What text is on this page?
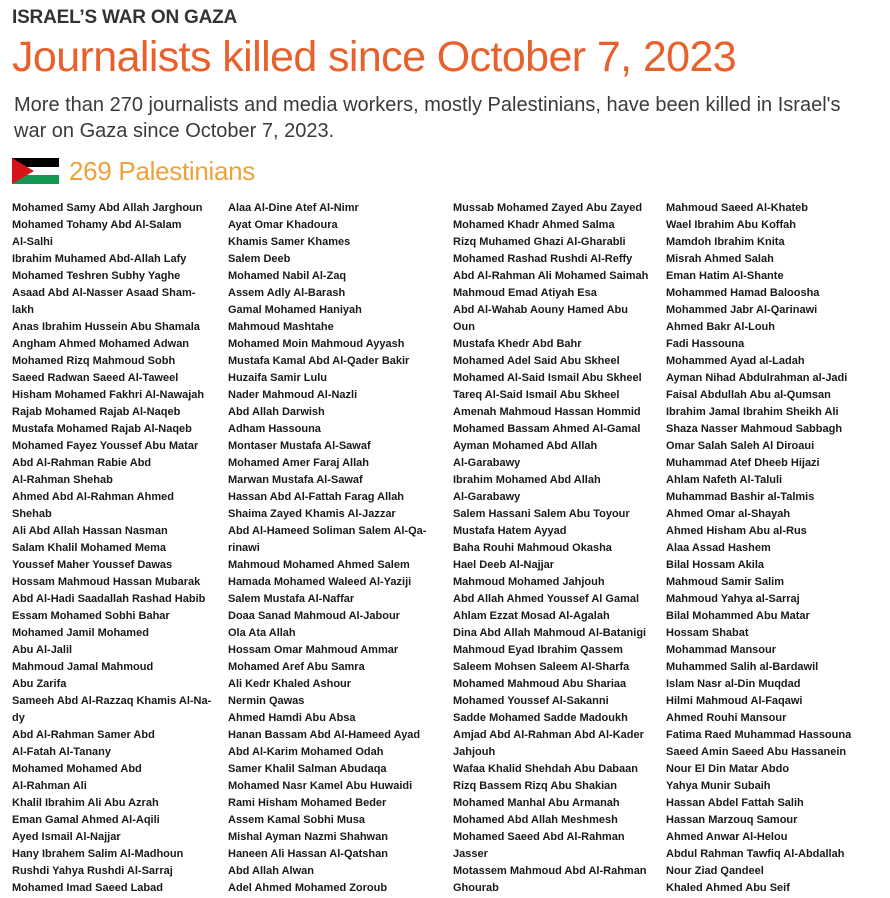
ISRAEL’S WAR ON GAZA
Journalists killed since October 7, 2023
More than 270 journalists and media workers, mostly Palestinians, have been killed in Israel's war on Gaza since October 7, 2023.
269 Palestinians
Mohamed Samy Abd Allah Jarghoun
Mohamed Tohamy Abd Al-Salam
Al-Salhi
Ibrahim Muhamed Abd-Allah Lafy
Mohamed Teshren Subhy Yaghe
Asaad Abd Al-Nasser Asaad Sham-
lakh
Anas Ibrahim Hussein Abu Shamala
Angham Ahmed Mohamed Adwan
Mohamed Rizq Mahmoud Sobh
Saeed Radwan Saeed Al-Taweel
Hisham Mohamed Fakhri Al-Nawajah
Rajab Mohamed Rajab Al-Naqeb
Mustafa Mohamed Rajab Al-Naqeb
Mohamed Fayez Youssef Abu Matar
Abd Al-Rahman Rabie Abd
Al-Rahman Shehab
Ahmed Abd Al-Rahman Ahmed
Shehab
Ali Abd Allah Hassan Nasman
Salam Khalil Mohamed Mema
Youssef Maher Youssef Dawas
Hossam Mahmoud Hassan Mubarak
Abd Al-Hadi Saadallah Rashad Habib
Essam Mohamed Sobhi Bahar
Mohamed Jamil Mohamed
Abu Al-Jalil
Mahmoud Jamal Mahmoud
Abu Zarifa
Sameeh Abd Al-Razzaq Khamis Al-Na-
dy
Abd Al-Rahman Samer Abd
Al-Fatah Al-Tanany
Mohamed Mohamed Abd
Al-Rahman Ali
Khalil Ibrahim Ali Abu Azrah
Eman Gamal Ahmed Al-Aqili
Ayed Ismail Al-Najjar
Hany Ibrahem Salim Al-Madhoun
Rushdi Yahya Rushdi Al-Sarraj
Mohamed Imad Saeed Labad
Alaa Al-Dine Atef Al-Nimr
Ayat Omar Khadoura
Khamis Samer Khames
Salem Deeb
Mohamed Nabil Al-Zaq
Assem Adly Al-Barash
Gamal Mohamed Haniyah
Mahmoud Mashtahe
Mohamed Moin Mahmoud Ayyash
Mustafa Kamal Abd Al-Qader Bakir
Huzaifa Samir Lulu
Nader Mahmoud Al-Nazli
Abd Allah Darwish
Adham Hassouna
Montaser Mustafa Al-Sawaf
Mohamed Amer Faraj Allah
Marwan Mustafa Al-Sawaf
Hassan Abd Al-Fattah Farag Allah
Shaima Zayed Khamis Al-Jazzar
Abd Al-Hameed Soliman Salem Al-Qa-
rinawi
Mahmoud Mohamed Ahmed Salem
Hamada Mohamed Waleed Al-Yaziji
Salem Mustafa Al-Naffar
Doaa Sanad Mahmoud Al-Jabour
Ola Ata Allah
Hossam Omar Mahmoud Ammar
Mohamed Aref Abu Samra
Ali Kedr Khaled Ashour
Nermin Qawas
Ahmed Hamdi Abu Absa
Hanan Bassam Abd Al-Hameed Ayad
Abd Al-Karim Mohamed Odah
Samer Khalil Salman Abudaqa
Mohamed Nasr Kamel Abu Huwaidi
Rami Hisham Mohamed Beder
Assem Kamal Sobhi Musa
Mishal Ayman Nazmi Shahwan
Haneen Ali Hassan Al-Qatshan
Abd Allah Alwan
Adel Ahmed Mohamed Zoroub
Mussab Mohamed Zayed Abu Zayed
Mohamed Khadr Ahmed Salma
Rizq Muhamed Ghazi Al-Gharabli
Mohamed Rashad Rushdi Al-Reffy
Abd Al-Rahman Ali Mohamed Saimah
Mahmoud Emad Atiyah Esa
Abd Al-Wahab Aouny Hamed Abu
Oun
Mustafa Khedr Abd Bahr
Mohamed Adel Said Abu Skheel
Mohamed Al-Said Ismail Abu Skheel
Tareq Al-Said Ismail Abu Skheel
Amenah Mahmoud Hassan Hommid
Mohamed Bassam Ahmed Al-Gamal
Ayman Mohamed Abd Allah
Al-Garabawy
Ibrahim Mohamed Abd Allah
Al-Garabawy
Salem Hassani Salem Abu Toyour
Mustafa Hatem Ayyad
Baha Rouhi Mahmoud Okasha
Hael Deeb Al-Najjar
Mahmoud Mohamed Jahjouh
Abd Allah Ahmed Youssef Al Gamal
Ahlam Ezzat Mosad Al-Agalah
Dina Abd Allah Mahmoud Al-Batanigi
Mahmoud Eyad Ibrahim Qassem
Saleem Mohsen Saleem Al-Sharfa
Mohamed Mahmoud Abu Shariaa
Mohamed Youssef Al-Sakanni
Sadde Mohamed Sadde Madoukh
Amjad Abd Al-Rahman Abd Al-Kader
Jahjouh
Wafaa Khalid Shehdah Abu Dabaan
Rizq Bassem Rizq Abu Shakian
Mohamed Manhal Abu Armanah
Mohamed Abd Allah Meshmesh
Mohamed Saeed Abd Al-Rahman
Jasser
Motassem Mahmoud Abd Al-Rahman
Ghourab
Mahmoud Saeed Al-Khateb
Wael Ibrahim Abu Koffah
Mamdoh Ibrahim Knita
Misrah Ahmed Salah
Eman Hatim Al-Shante
Mohammed Hamad Baloosha
Mohammed Jabr Al-Qarinawi
Ahmed Bakr Al-Louh
Fadi Hassouna
Mohammed Ayad al-Ladah
Ayman Nihad Abdulrahman al-Jadi
Faisal Abdullah Abu al-Qumsan
Ibrahim Jamal Ibrahim Sheikh Ali
Shaza Nasser Mahmoud Sabbagh
Omar Salah Saleh Al Diroaui
Muhammad Atef Dheeb Hijazi
Ahlam Nafeth Al-Taluli
Muhammad Bashir al-Talmis
Ahmed Omar al-Shayah
Ahmed Hisham Abu al-Rus
Alaa Assad Hashem
Bilal Hossam Akila
Mahmoud Samir Salim
Mahmoud Yahya al-Sarraj
Bilal Mohammed Abu Matar
Hossam Shabat
Mohammad Mansour
Muhammed Salih al-Bardawil
Islam Nasr al-Din Muqdad
Hilmi Mahmoud Al-Faqawi
Ahmed Rouhi Mansour
Fatima Raed Muhammad Hassouna
Saeed Amin Saeed Abu Hassanein
Nour El Din Matar Abdo
Yahya Munir Subaih
Hassan Abdel Fattah Salih
Hassan Marzouq Samour
Ahmed Anwar Al-Helou
Abdul Rahman Tawfiq Al-Abdallah
Nour Ziad Qandeel
Khaled Ahmed Abu Seif
